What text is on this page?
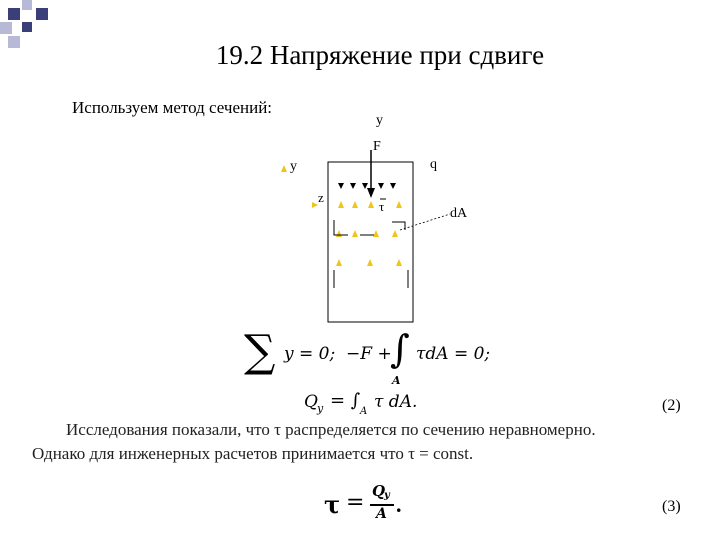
19.2 Напряжение при сдвиге
Используем метод сечений:
y
F
q
y
z
τ	dA
∑ y = 0; −F +
∫ τdA = 0;
A
Q y = ∫
A τ dA.	(2)
Исследования показали, что τ распределяется по сечению неравномерно.
Однако для инженерных расчетов принимается что τ = const.
τ = Q
y
A .	(3)
